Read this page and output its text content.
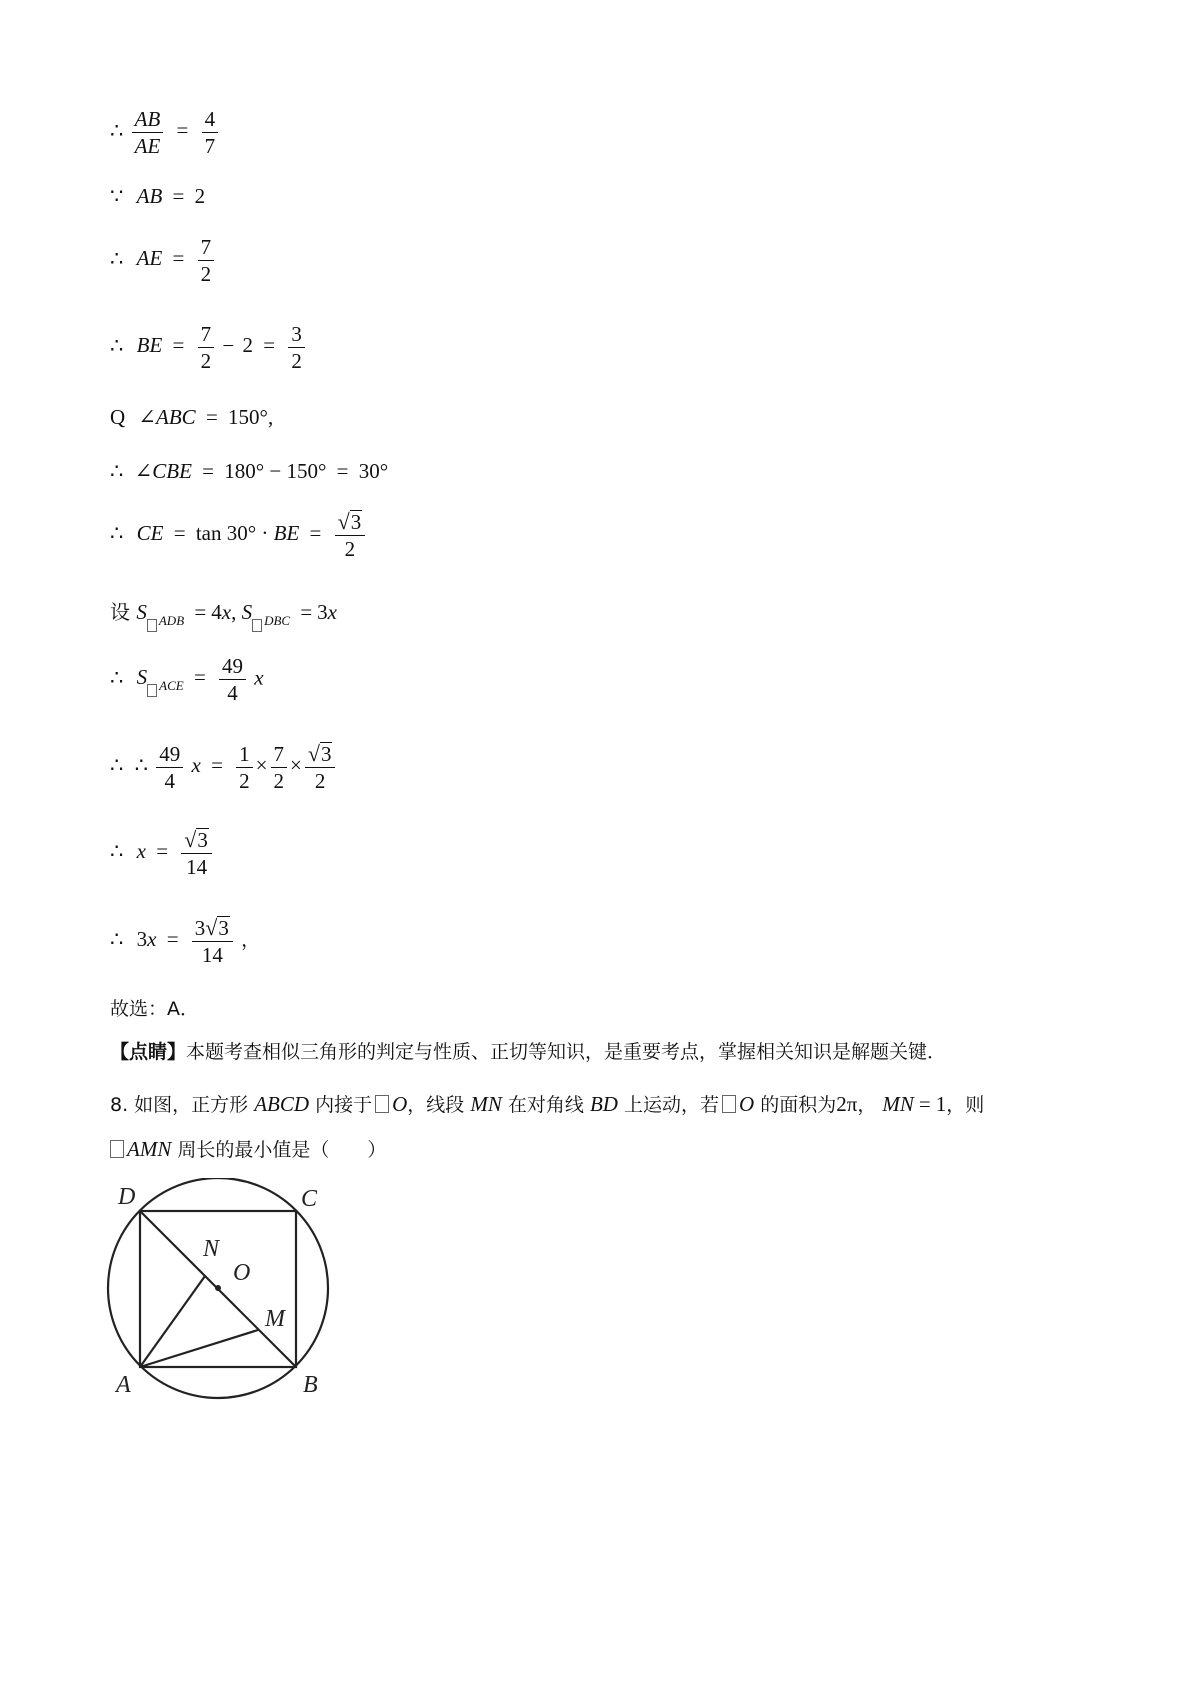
∴ $\frac{AB}{AE} = \frac{4}{7}$
∵ AB = 2
∴ AE = $\frac{7}{2}$
∴ BE = $\frac{7}{2} - 2 = \frac{3}{2}$
Q ∠ABC = 150°,
∴ ∠CBE = 180° − 150° = 30°
∴ CE = tan 30° · BE = $\frac{√ 3}{2}$
设 S $_{ADB}$ = 4x, S $_{DBC}$ = 3x
∴ S $_{ACE} = \frac{49}{4}$ x
∴ ∴ $\frac{49}{4}$ $x = \frac{1}{2} \times \frac{7}{2} \times \frac{√ 3}{2}$
∴ $x = \frac{√ 3}{14}$
∴ $3x = \frac{3 √ 3}{14}$ ，
故选：A．
【点睛】本题考查相似三角形的判定与性质、正切等知识，是重要考点，掌握相关知识是解题关键．
8. 如图，正方形 ABCD 内接于 O，线段 MN 在对角线 BD 上运动，若 O 的面积为2π， MN = 1，则
AMN 周长的最小值是（　　）
D	C
N
O
M
A	B
